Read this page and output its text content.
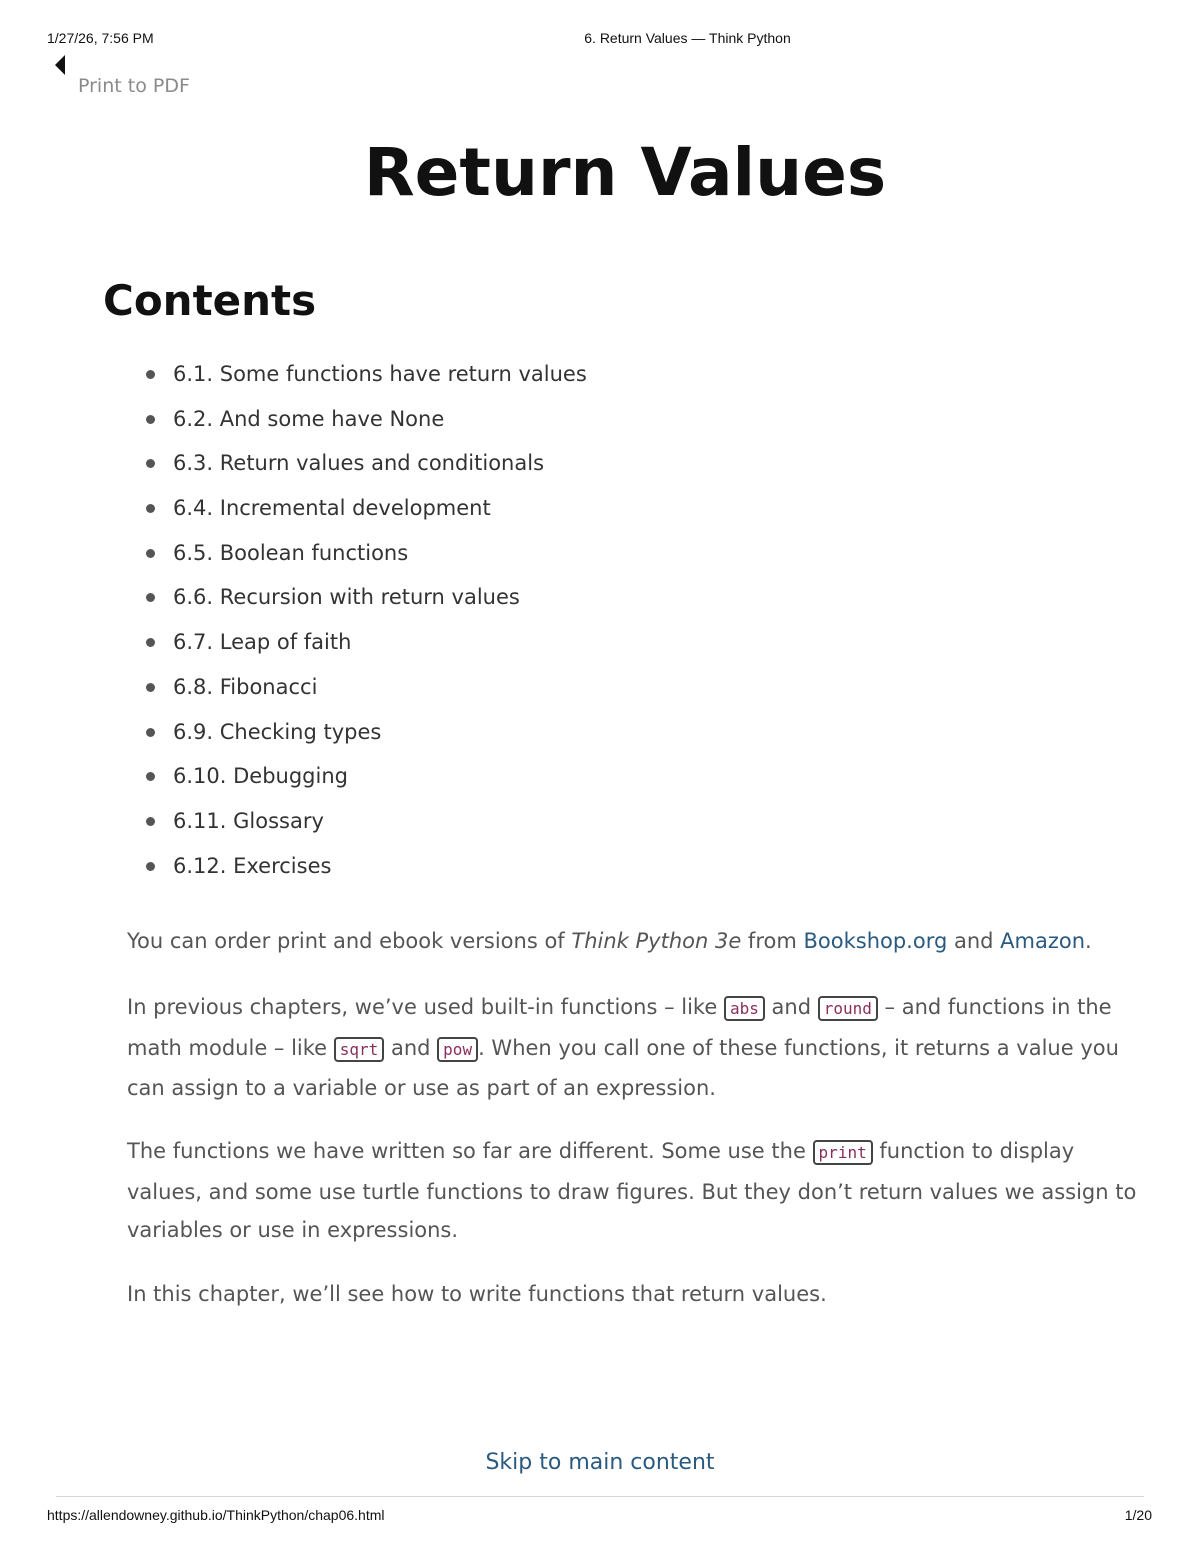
1/27/26, 7:56 PM	6. Return Values — Think Python
Print to PDF
Return Values
Contents
6.1. Some functions have return values
6.2. And some have None
6.3. Return values and conditionals
6.4. Incremental development
6.5. Boolean functions
6.6. Recursion with return values
6.7. Leap of faith
6.8. Fibonacci
6.9. Checking types
6.10. Debugging
6.11. Glossary
6.12. Exercises

You can order print and ebook versions of Think Python 3e from Bookshop.org and Amazon.

In previous chapters, we’ve used built-in functions – like abs and round – and functions in the math module – like sqrt and pow . When you call one of these functions, it returns a value you can assign to a variable or use as part of an expression.

The functions we have written so far are different. Some use the print function to display values, and some use turtle functions to draw figures. But they don’t return values we assign to variables or use in expressions.

In this chapter, we’ll see how to write functions that return values.

Skip to main content
https://allendowney.github.io/ThinkPython/chap06.html	1/20
